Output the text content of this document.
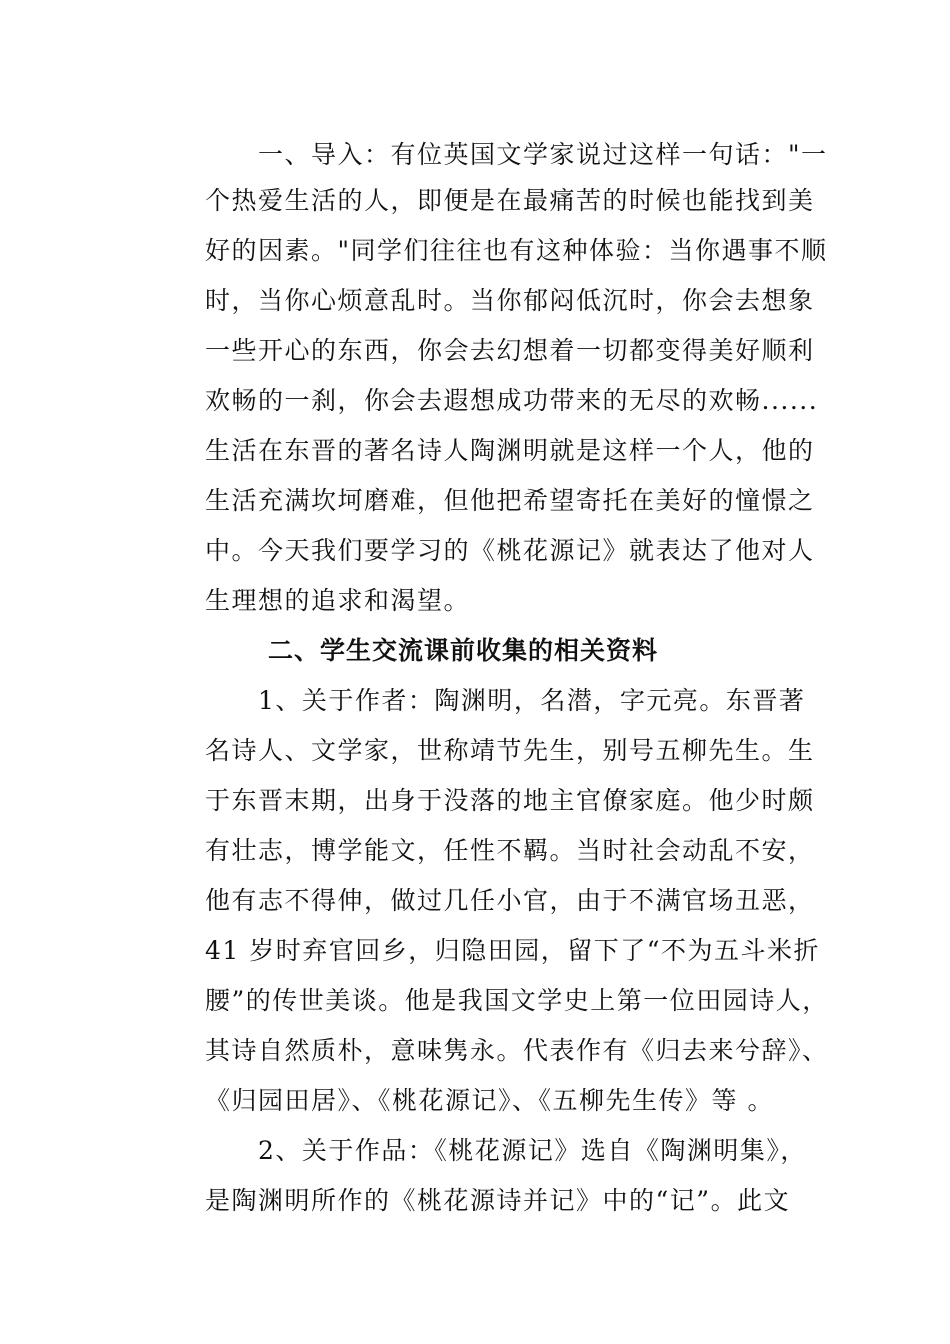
一、导入：有位英国文学家说过这样一句话："一
个热爱生活的人，即便是在最痛苦的时候也能找到美
好的因素。"同学们往往也有这种体验：当你遇事不顺
时，当你心烦意乱时。当你郁闷低沉时，你会去想象
一些开心的东西，你会去幻想着一切都变得美好顺利
欢畅的一刹，你会去遐想成功带来的无尽的欢畅......
生活在东晋的著名诗人陶渊明就是这样一个人，他的
生活充满坎坷磨难，但他把希望寄托在美好的憧憬之
中。今天我们要学习的《桃花源记》就表达了他对人
生理想的追求和渴望。
二、学生交流课前收集的相关资料
1、关于作者：陶渊明，名潜，字元亮。东晋著
名诗人、文学家，世称靖节先生，别号五柳先生。生
于东晋末期，出身于没落的地主官僚家庭。他少时颇
有壮志，博学能文，任性不羁。当时社会动乱不安，
他有志不得伸，做过几任小官，由于不满官场丑恶，
41 岁时弃官回乡，归隐田园，留下了“不为五斗米折
腰”的传世美谈。他是我国文学史上第一位田园诗人，
其诗自然质朴，意味隽永。代表作有《归去来兮辞》、
《归园田居》、《桃花源记》、《五柳先生传》等 。
2、关于作品：《桃花源记》选自《陶渊明集》，
是陶渊明所作的《桃花源诗并记》中的“记”。此文
